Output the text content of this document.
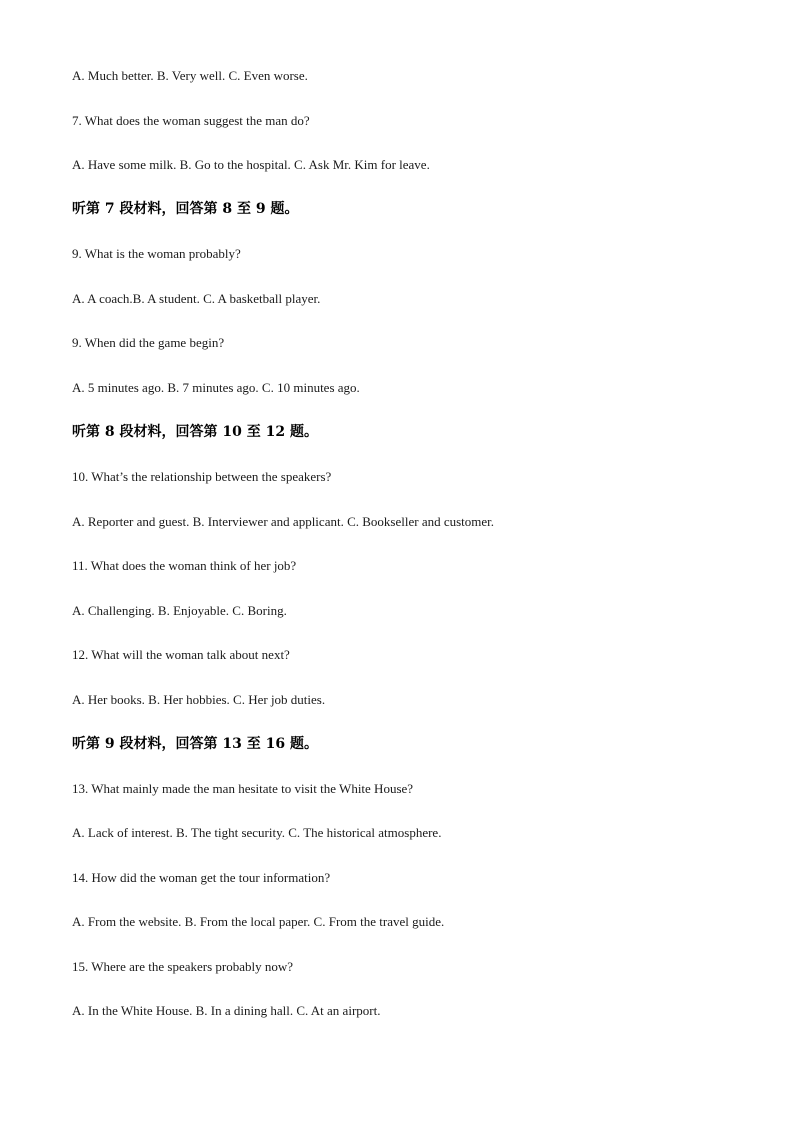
A. Much better. B. Very well. C. Even worse.
7. What does the woman suggest the man do?
A. Have some milk. B. Go to the hospital. C. Ask Mr. Kim for leave.
听第 7 段材料，回答第 8 至 9 题。
9. What is the woman probably?
A. A coach.B. A student. C. A basketball player.
9. When did the game begin?
A. 5 minutes ago. B. 7 minutes ago. C. 10 minutes ago.
听第 8 段材料，回答第 10 至 12 题。
10. What’s the relationship between the speakers?
A. Reporter and guest. B. Interviewer and applicant. C. Bookseller and customer.
11. What does the woman think of her job?
A. Challenging. B. Enjoyable. C. Boring.
12. What will the woman talk about next?
A. Her books. B. Her hobbies. C. Her job duties.
听第 9 段材料，回答第 13 至 16 题。
13. What mainly made the man hesitate to visit the White House?
A. Lack of interest. B. The tight security. C. The historical atmosphere.
14. How did the woman get the tour information?
A. From the website. B. From the local paper. C. From the travel guide.
15. Where are the speakers probably now?
A. In the White House. B. In a dining hall. C. At an airport.
